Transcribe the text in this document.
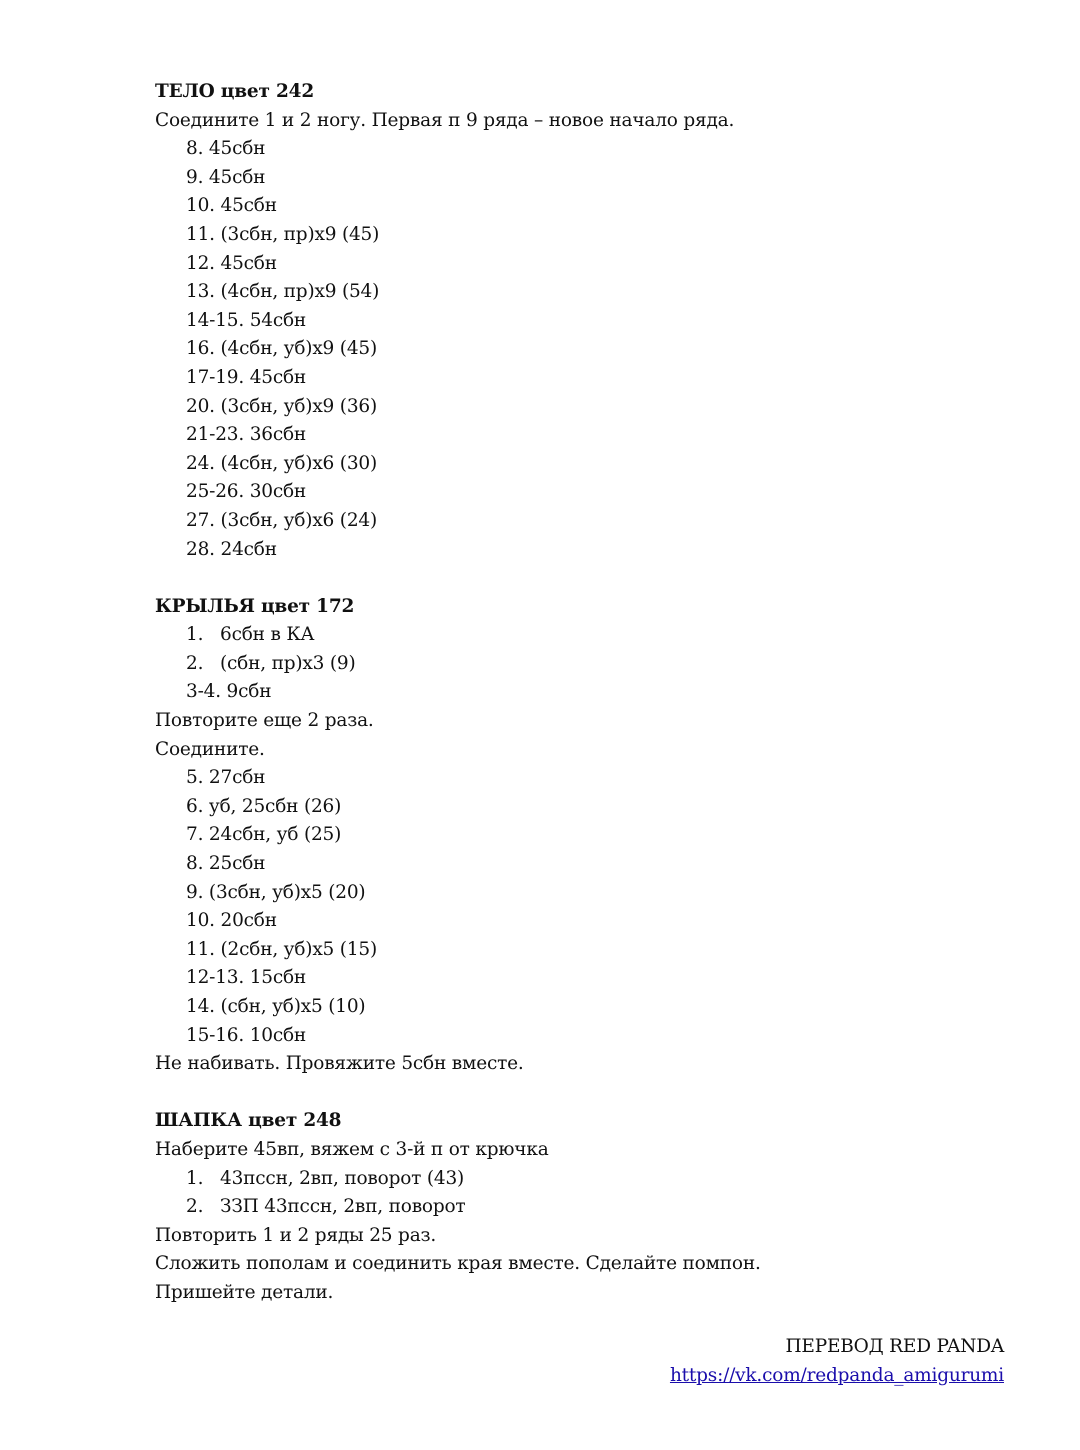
ТЕЛО цвет 242
Соедините 1 и 2 ногу. Первая п 9 ряда – новое начало ряда.
8. 45сбн
9. 45сбн
10. 45сбн
11. (3сбн, пр)х9 (45)
12. 45сбн
13. (4сбн, пр)х9 (54)
14-15. 54сбн
16. (4сбн, уб)х9 (45)
17-19. 45сбн
20. (3сбн, уб)х9 (36)
21-23. 36сбн
24. (4сбн, уб)х6 (30)
25-26. 30сбн
27. (3сбн, уб)х6 (24)
28. 24сбн
КРЫЛЬЯ цвет 172
1. 6сбн в КА
2. (сбн, пр)х3 (9)
3-4. 9сбн
Повторите еще 2 раза.
Соедините.
5. 27сбн
6. уб, 25сбн (26)
7. 24сбн, уб (25)
8. 25сбн
9. (3сбн, уб)х5 (20)
10. 20сбн
11. (2сбн, уб)х5 (15)
12-13. 15сбн
14. (сбн, уб)х5 (10)
15-16. 10сбн
Не набивать. Провяжите 5сбн вместе.
ШАПКА цвет 248
Наберите 45вп, вяжем с 3-й п от крючка
1. 43пссн, 2вп, поворот (43)
2. ЗЗП 43пссн, 2вп, поворот
Повторить 1 и 2 ряды 25 раз.
Сложить пополам и соединить края вместе. Сделайте помпон.
Пришейте детали.
ПЕРЕВОД RED PANDA
https://vk.com/redpanda_amigurumi
